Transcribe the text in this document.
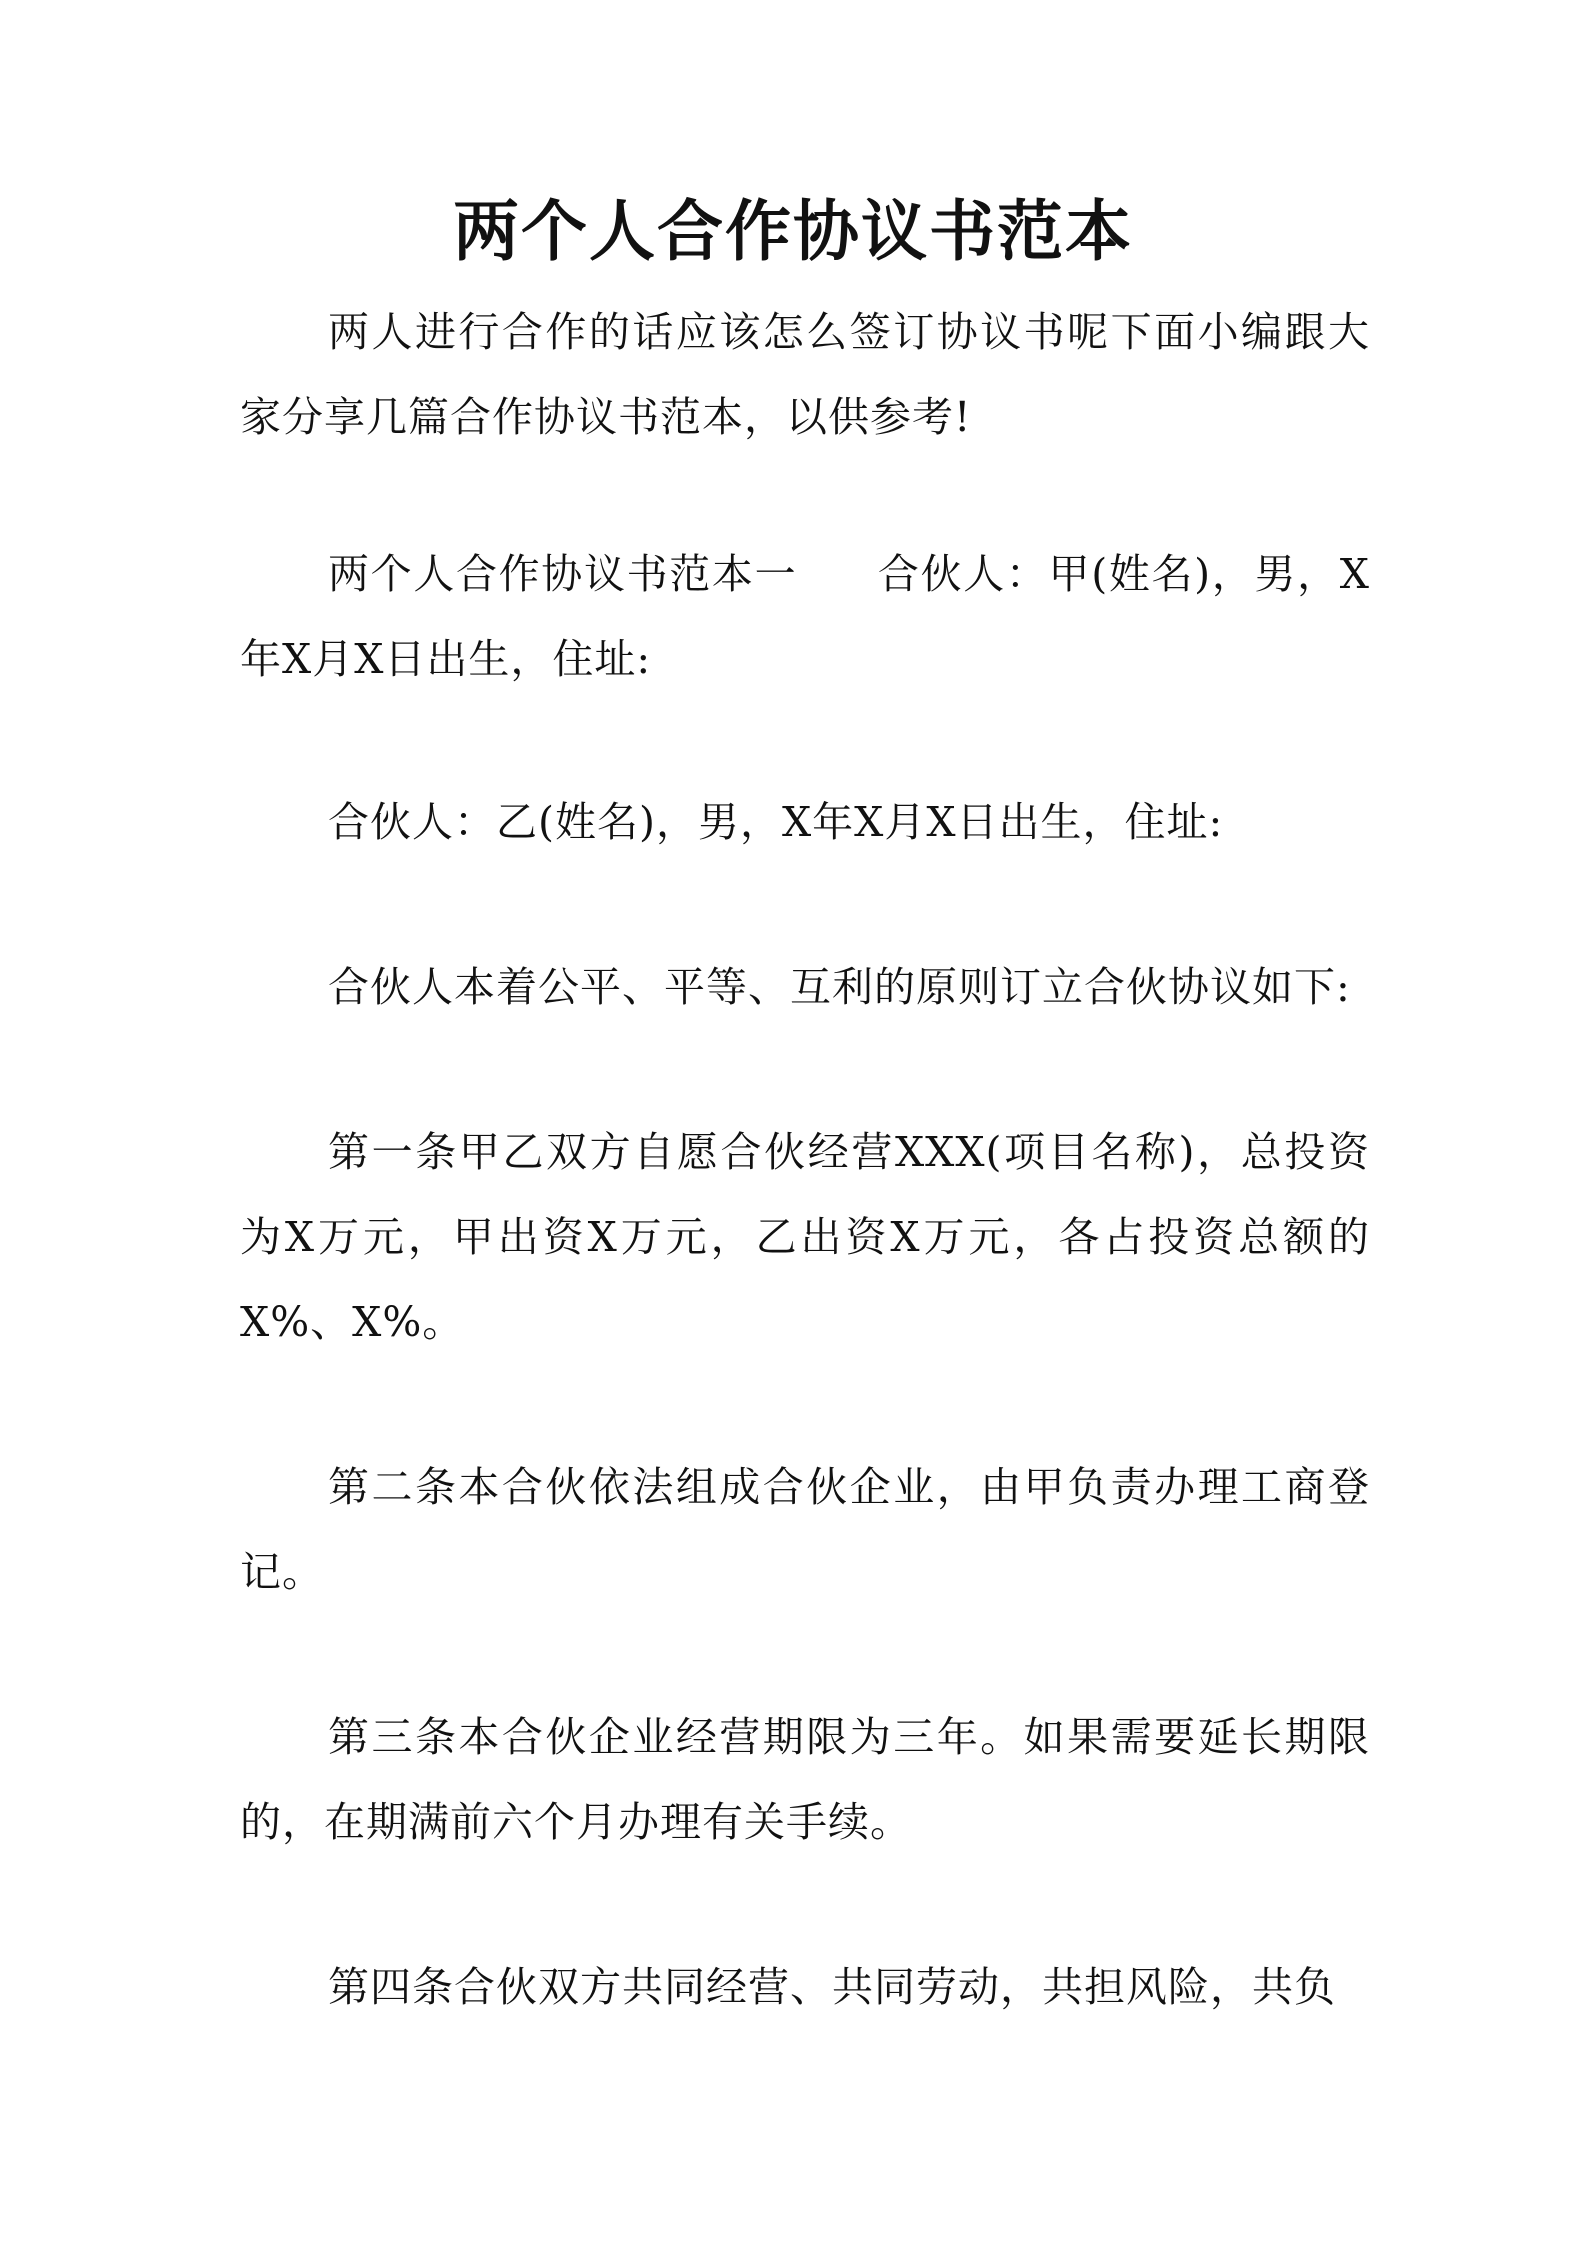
两个人合作协议书范本

两人进行合作的话应该怎么签订协议书呢下面小编跟大家分享几篇合作协议书范本，以供参考!

两个人合作协议书范本一 合伙人：甲(姓名)，男，X年X月X日出生，住址:

合伙人：乙(姓名)，男，X年X月X日出生，住址:

合伙人本着公平、平等、互利的原则订立合伙协议如下:

第一条甲乙双方自愿合伙经营XXX(项目名称)，总投资为X万元，甲出资X万元，乙出资X万元，各占投资总额的X%、X%。

第二条本合伙依法组成合伙企业，由甲负责办理工商登记。

第三条本合伙企业经营期限为三年。如果需要延长期限的，在期满前六个月办理有关手续。

第四条合伙双方共同经营、共同劳动，共担风险，共负
